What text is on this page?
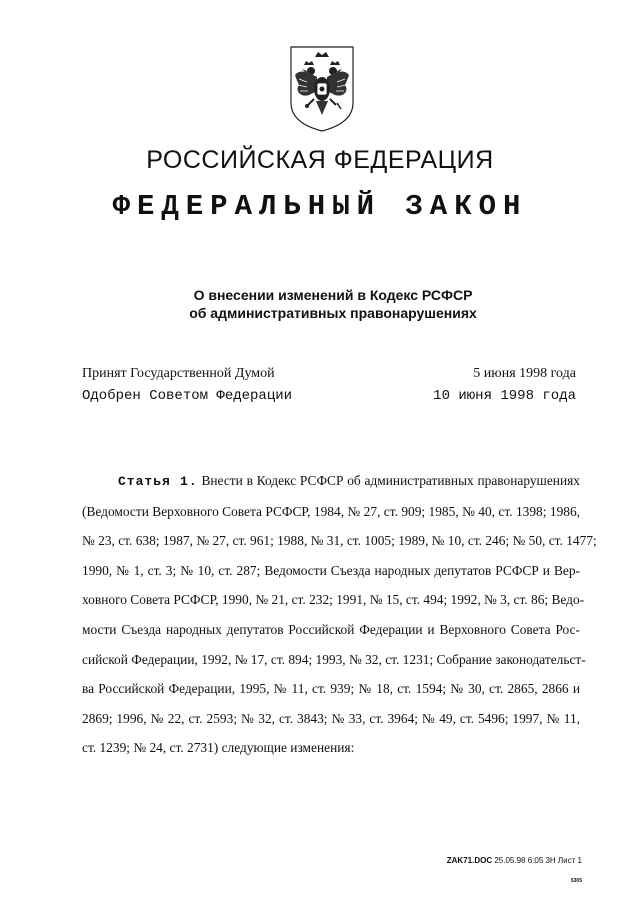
РОССИЙСКАЯ ФЕДЕРАЦИЯ
ФЕДЕРАЛЬНЫЙ ЗАКОН
О внесении изменений в Кодекс РСФСР
об административных правонарушениях
Принят Государственной Думой	5 июня 1998 года
Одобрен Советом Федерации	10 июня 1998 года
Статья 1. Внести в Кодекс РСФСР об административных правонарушениях
(Ведомости Верховного Совета РСФСР, 1984, № 27, ст. 909; 1985, № 40, ст. 1398; 1986,
№ 23, ст. 638; 1987, № 27, ст. 961; 1988, № 31, ст. 1005; 1989, № 10, ст. 246; № 50, ст. 1477;
1990, № 1, ст. 3; № 10, ст. 287; Ведомости Съезда народных депутатов РСФСР и Вер-
ховного Совета РСФСР, 1990, № 21, ст. 232; 1991, № 15, ст. 494; 1992, № 3, ст. 86; Ведо-
мости Съезда народных депутатов Российской Федерации и Верховного Совета Рос-
сийской Федерации, 1992, № 17, ст. 894; 1993, № 32, ст. 1231; Собрание законодательст-
ва Российской Федерации, 1995, № 11, ст. 939; № 18, ст. 1594; № 30, ст. 2865, 2866 и
2869; 1996, № 22, ст. 2593; № 32, ст. 3843; № 33, ст. 3964; № 49, ст. 5496; 1997, № 11,
ст. 1239; № 24, ст. 2731) следующие изменения:
ZAK71.DOC 25.05.98 6:05 3H Лист 1
5305
